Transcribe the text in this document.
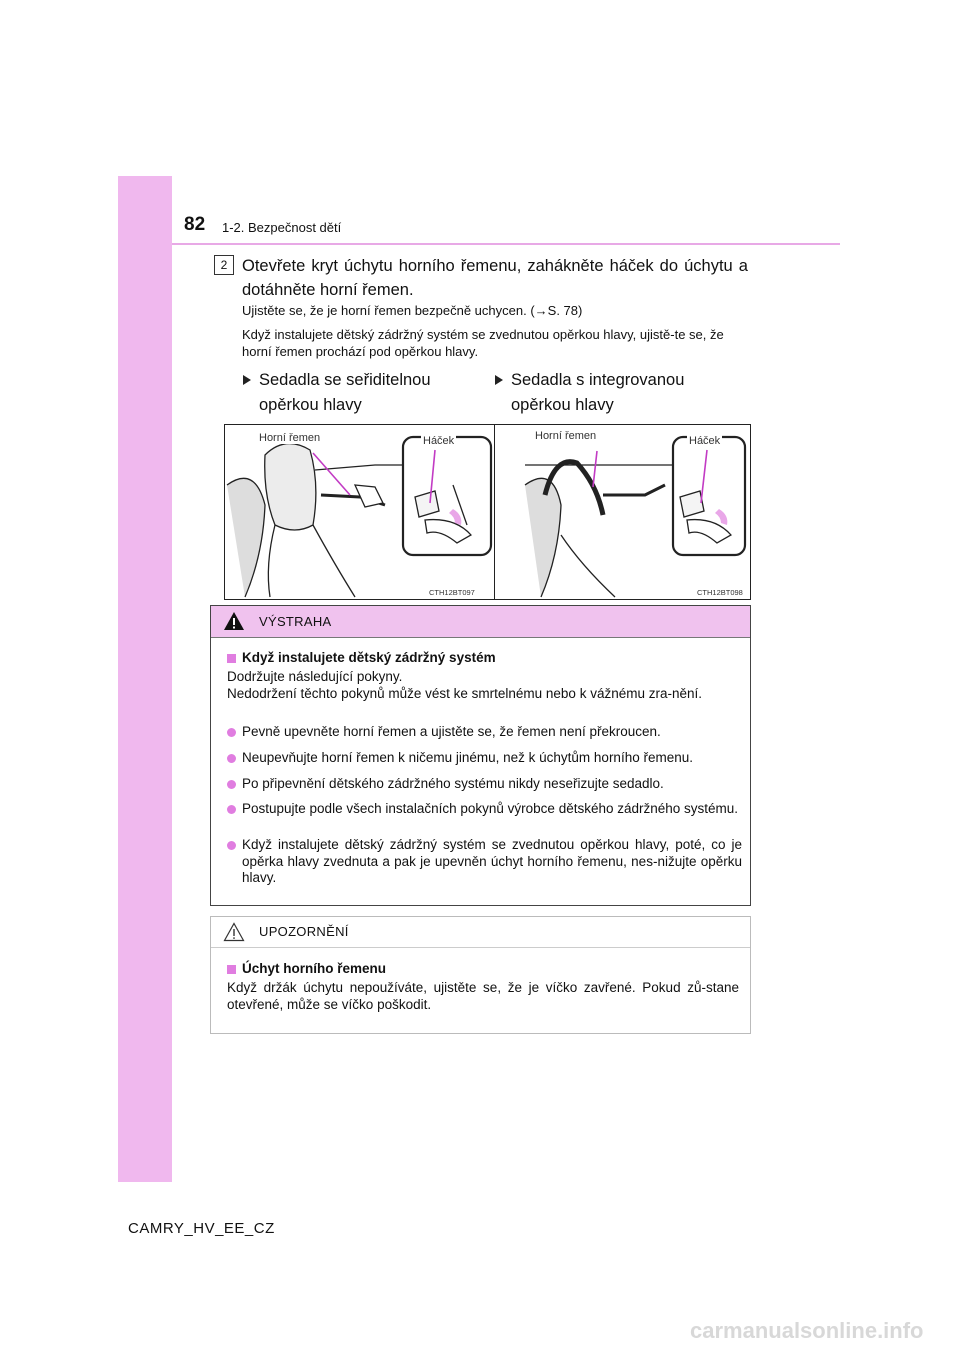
82 1-2. Bezpečnost dětí
2 Otevřete kryt úchytu horního řemenu, zahákněte háček do úchytu a dotáhněte horní řemen.
Ujistěte se, že je horní řemen bezpečně uchycen. (→S. 78)
Když instalujete dětský zádržný systém se zvednutou opěrkou hlavy, ujistě-te se, že horní řemen prochází pod opěrkou hlavy.
Sedadla se seřiditelnou opěrkou hlavy
Sedadla s integrovanou opěrkou hlavy
Horní řemen	Háček
CTH12BT097
Horní řemen	Háček
CTH12BT098
VÝSTRAHA
Když instalujete dětský zádržný systém
Dodržujte následující pokyny.
Nedodržení těchto pokynů může vést ke smrtelnému nebo k vážnému zra-nění.
Pevně upevněte horní řemen a ujistěte se, že řemen není překroucen.
Neupevňujte horní řemen k ničemu jinému, než k úchytům horního řemenu.
Po připevnění dětského zádržného systému nikdy neseřizujte sedadlo.
Postupujte podle všech instalačních pokynů výrobce dětského zádržného systému.
Když instalujete dětský zádržný systém se zvednutou opěrkou hlavy, poté, co je opěrka hlavy zvednuta a pak je upevněn úchyt horního řemenu, nes-nižujte opěrku hlavy.
UPOZORNĚNÍ
Úchyt horního řemenu
Když držák úchytu nepoužíváte, ujistěte se, že je víčko zavřené. Pokud zů-stane otevřené, může se víčko poškodit.
CAMRY_HV_EE_CZ
carmanualsonline.info
